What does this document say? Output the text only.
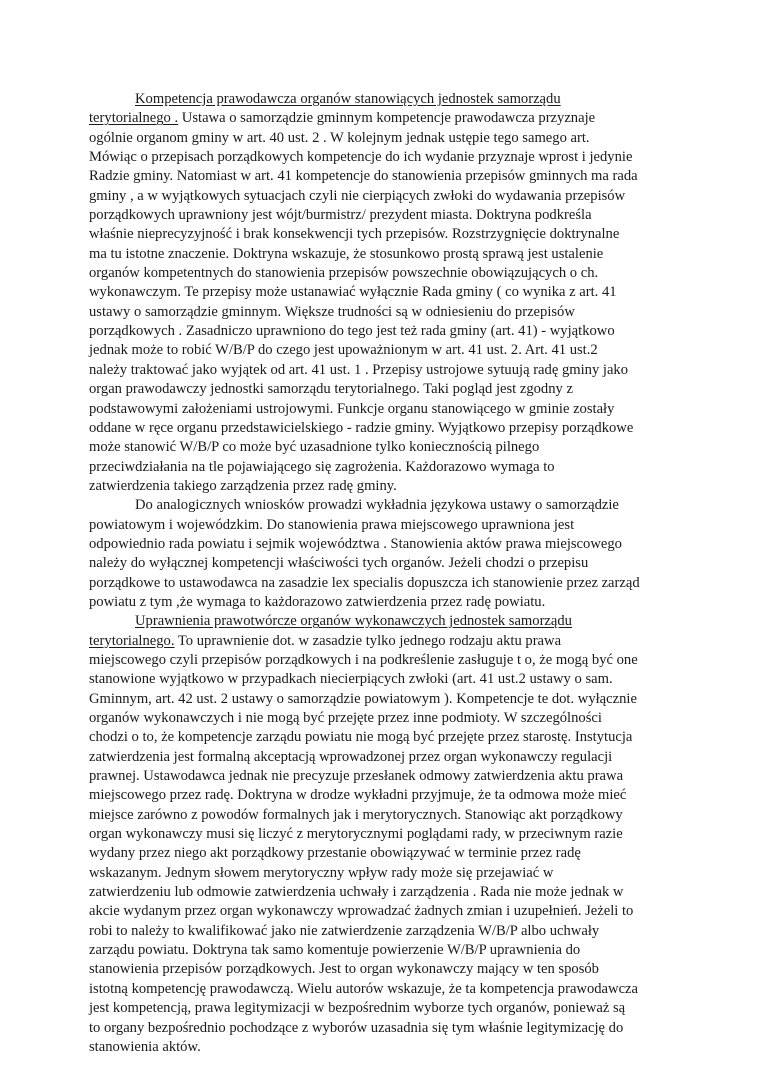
Kompetencja prawodawcza organów stanowiących jednostek samorządu
terytorialnego . Ustawa o samorządzie gminnym kompetencje prawodawcza przyznaje
ogólnie organom gminy w art. 40 ust. 2 . W kolejnym jednak ustępie tego samego art.
Mówiąc o przepisach porządkowych kompetencje do ich wydanie przyznaje wprost i jedynie
Radzie gminy. Natomiast w art. 41 kompetencje do stanowienia przepisów gminnych ma rada
gminy , a w wyjątkowych sytuacjach czyli nie cierpiących zwłoki do wydawania przepisów
porządkowych uprawniony jest wójt/burmistrz/ prezydent miasta. Doktryna podkreśla
właśnie nieprecyzyjność i brak konsekwencji tych przepisów. Rozstrzygnięcie doktrynalne
ma tu istotne znaczenie. Doktryna wskazuje, że stosunkowo prostą sprawą jest ustalenie
organów kompetentnych do stanowienia przepisów powszechnie obowiązujących o ch.
wykonawczym. Te przepisy może ustanawiać wyłącznie Rada gminy ( co wynika z art. 41
ustawy o samorządzie gminnym. Większe trudności są w odniesieniu do przepisów
porządkowych . Zasadniczo uprawniono do tego jest też rada gminy (art. 41) - wyjątkowo
jednak może to robić W/B/P do czego jest upoważnionym w art. 41 ust. 2. Art. 41 ust.2
należy traktować jako wyjątek od art. 41 ust. 1 . Przepisy ustrojowe sytuują radę gminy jako
organ prawodawczy jednostki samorządu terytorialnego. Taki pogląd jest zgodny z
podstawowymi założeniami ustrojowymi. Funkcje organu stanowiącego w gminie zostały
oddane w ręce organu przedstawicielskiego - radzie gminy. Wyjątkowo przepisy porządkowe
może stanowić W/B/P co może być uzasadnione tylko koniecznością pilnego
przeciwdziałania na tle pojawiającego się zagrożenia. Każdorazowo wymaga to
zatwierdzenia takiego zarządzenia przez radę gminy.
Do analogicznych wniosków prowadzi wykładnia językowa ustawy o samorządzie
powiatowym i wojewódzkim. Do stanowienia prawa miejscowego uprawniona jest
odpowiednio rada powiatu i sejmik województwa . Stanowienia aktów prawa miejscowego
należy do wyłącznej kompetencji właściwości tych organów. Jeżeli chodzi o przepisu
porządkowe to ustawodawca na zasadzie lex specialis dopuszcza ich stanowienie przez zarząd
powiatu z tym ,że wymaga to każdorazowo zatwierdzenia przez radę powiatu.
Uprawnienia prawotwórcze organów wykonawczych jednostek samorządu
terytorialnego. To uprawnienie dot. w zasadzie tylko jednego rodzaju aktu prawa
miejscowego czyli przepisów porządkowych i na podkreślenie zasługuje t o, że mogą być one
stanowione wyjątkowo w przypadkach niecierpiących zwłoki (art. 41 ust.2 ustawy o sam.
Gminnym, art. 42 ust. 2 ustawy o samorządzie powiatowym ). Kompetencje te dot. wyłącznie
organów wykonawczych i nie mogą być przejęte przez inne podmioty. W szczególności
chodzi o to, że kompetencje zarządu powiatu nie mogą być przejęte przez starostę. Instytucja
zatwierdzenia jest formalną akceptacją wprowadzonej przez organ wykonawczy regulacji
prawnej. Ustawodawca jednak nie precyzuje przesłanek odmowy zatwierdzenia aktu prawa
miejscowego przez radę. Doktryna w drodze wykładni przyjmuje, że ta odmowa może mieć
miejsce zarówno z powodów formalnych jak i merytorycznych. Stanowiąc akt porządkowy
organ wykonawczy musi się liczyć z merytorycznymi poglądami rady, w przeciwnym razie
wydany przez niego akt porządkowy przestanie obowiązywać w terminie przez radę
wskazanym. Jednym słowem merytoryczny wpływ rady może się przejawiać w
zatwierdzeniu lub odmowie zatwierdzenia uchwały i zarządzenia . Rada nie może jednak w
akcie wydanym przez organ wykonawczy wprowadzać żadnych zmian i uzupełnień. Jeżeli to
robi to należy to kwalifikować jako nie zatwierdzenie zarządzenia W/B/P albo uchwały
zarządu powiatu. Doktryna tak samo komentuje powierzenie W/B/P uprawnienia do
stanowienia przepisów porządkowych. Jest to organ wykonawczy mający w ten sposób
istotną kompetencję prawodawczą. Wielu autorów wskazuje, że ta kompetencja prawodawcza
jest kompetencją, prawa legitymizacji w bezpośrednim wyborze tych organów, ponieważ są
to organy bezpośrednio pochodzące z wyborów uzasadnia się tym właśnie legitymizację do
stanowienia aktów.
